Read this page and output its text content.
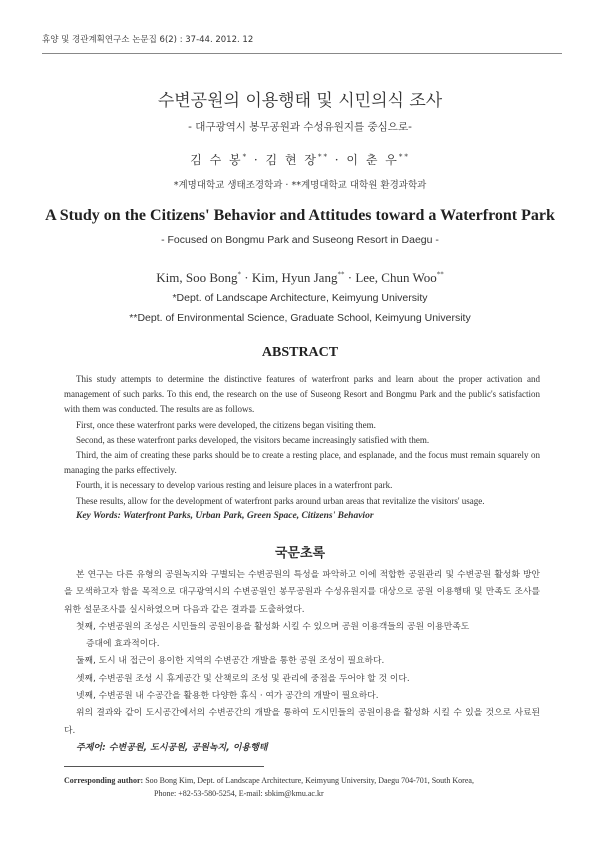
휴양 및 경관계획연구소 논문집 6(2) : 37-44. 2012. 12
수변공원의 이용행태 및 시민의식 조사
- 대구광역시 봉무공원과 수성유원지를 중심으로-
김 수 봉* · 김 현 장** · 이 춘 우**
*계명대학교 생태조경학과 · **계명대학교 대학원 환경과학과
A Study on the Citizens' Behavior and Attitudes toward a Waterfront Park
- Focused on Bongmu Park and Suseong Resort in Daegu -
Kim, Soo Bong* · Kim, Hyun Jang** · Lee, Chun Woo**
*Dept. of Landscape Architecture, Keimyung University
**Dept. of Environmental Science, Graduate School, Keimyung University
ABSTRACT

This study attempts to determine the distinctive features of waterfront parks and learn about the proper activation and management of such parks. To this end, the research on the use of Suseong Resort and Bongmu Park and the public's satisfaction with them was conducted. The results are as follows.

First, once these waterfront parks were developed, the citizens began visiting them.

Second, as these waterfront parks developed, the visitors became increasingly satisfied with them.

Third, the aim of creating these parks should be to create a resting place, and esplanade, and the focus must remain squarely on managing the parks effectively.

Fourth, it is necessary to develop various resting and leisure places in a waterfront park.

These results, allow for the development of waterfront parks around urban areas that revitalize the visitors' usage.

Key Words: Waterfront Parks, Urban Park, Green Space, Citizens' Behavior
국문초록

본 연구는 다른 유형의 공원녹지와 구별되는 수변공원의 특성을 파악하고 이에 적합한 공원관리 및 수변공원 활성화 방안을 모색하고자 함을 목적으로 대구광역시의 수변공원인 봉무공원과 수성유원지를 대상으로 공원 이용행태 및 만족도 조사를 위한 설문조사를 실시하였으며 다음과 같은 결과를 도출하였다.

첫째, 수변공원의 조성은 시민들의 공원이용을 활성화 시킬 수 있으며 공원 이용객들의 공원 이용만족도

증대에 효과적이다.

둘째, 도시 내 접근이 용이한 지역의 수변공간 개발을 통한 공원 조성이 필요하다.

셋째, 수변공원 조성 시 휴게공간 및 산책로의 조성 및 관리에 중점을 두어야 할 것 이다.

넷째, 수변공원 내 수공간을 활용한 다양한 휴식 · 여가 공간의 개발이 필요하다.

위의 결과와 같이 도시공간에서의 수변공간의 개발을 통하여 도시민들의 공원이용을 활성화 시킬 수 있을 것으로 사료된다.

주제어: 수변공원, 도시공원, 공원녹지, 이용행태
Corresponding author: Soo Bong Kim, Dept. of Landscape Architecture, Keimyung University, Daegu 704-701, South Korea,
Phone: +82-53-580-5254, E-mail: sbkim@kmu.ac.kr
